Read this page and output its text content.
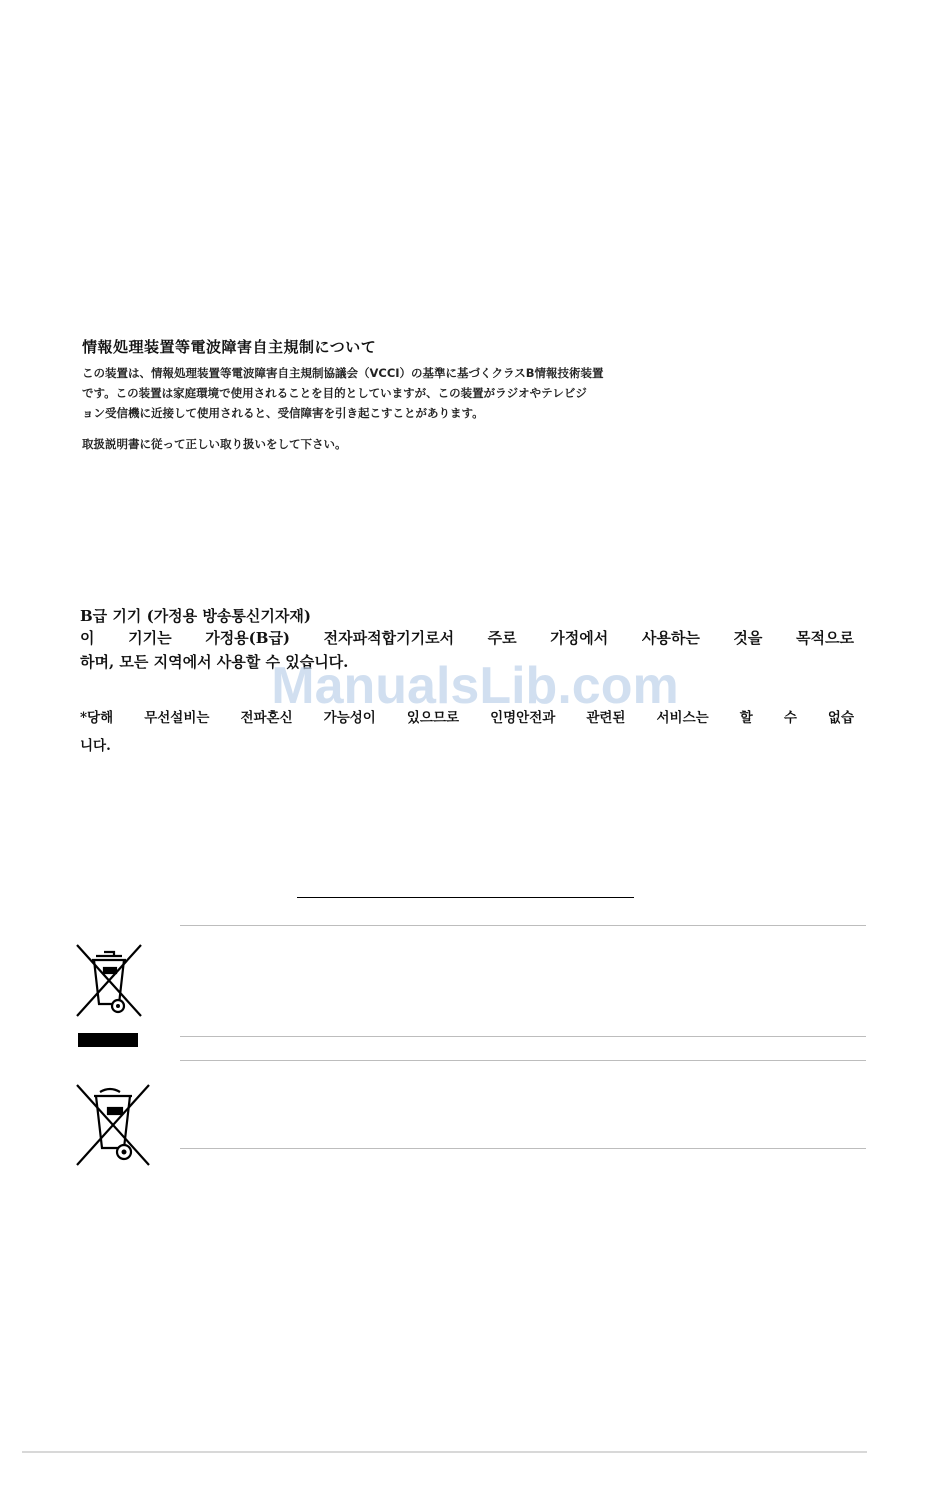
情報処理装置等電波障害自主規制について
この装置は、情報処理装置等電波障害自主規制協議会（VCCI）の基準に基づくクラスB情報技術装置
です。この装置は家庭環境で使用されることを目的としていますが、この装置がラジオやテレビジ
ョン受信機に近接して使用されると、受信障害を引き起こすことがあります。
取扱説明書に従って正しい取り扱いをして下さい。
B급 기기 (가정용 방송통신기자재)
이 기기는 가정용(B급) 전자파적합기기로서 주로 가정에서 사용하는 것을 목적으로
하며, 모든 지역에서 사용할 수 있습니다.
*당해 무선설비는 전파혼신 가능성이 있으므로 인명안전과 관련된 서비스는 할 수 없습
니다.
ManualsLib.com
